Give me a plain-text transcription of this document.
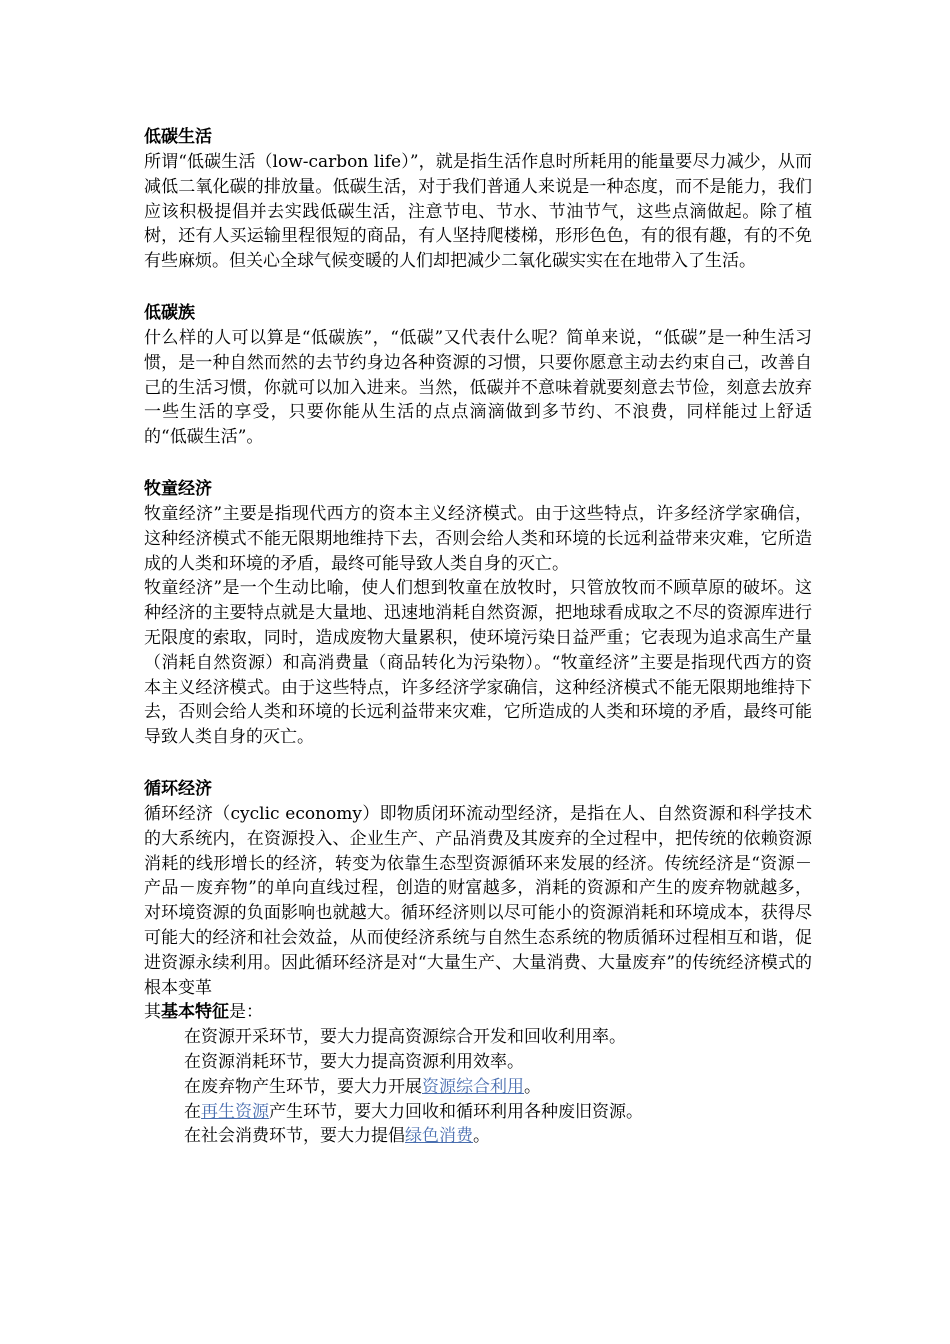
低碳生活

所谓“低碳生活（low-carbon life）”，就是指生活作息时所耗用的能量要尽力减少，从而减低二氧化碳的排放量。低碳生活，对于我们普通人来说是一种态度，而不是能力，我们应该积极提倡并去实践低碳生活，注意节电、节水、节油节气，这些点滴做起。除了植树，还有人买运输里程很短的商品，有人坚持爬楼梯，形形色色，有的很有趣，有的不免有些麻烦。但关心全球气候变暖的人们却把减少二氧化碳实实在在地带入了生活。

低碳族

什么样的人可以算是“低碳族”，“低碳”又代表什么呢？简单来说，“低碳”是一种生活习惯，是一种自然而然的去节约身边各种资源的习惯，只要你愿意主动去约束自己，改善自己的生活习惯，你就可以加入进来。当然，低碳并不意味着就要刻意去节俭，刻意去放弃一些生活的享受，只要你能从生活的点点滴滴做到多节约、不浪费，同样能过上舒适的“低碳生活”。

牧童经济

牧童经济”主要是指现代西方的资本主义经济模式。由于这些特点，许多经济学家确信，这种经济模式不能无限期地维持下去，否则会给人类和环境的长远利益带来灾难，它所造成的人类和环境的矛盾，最终可能导致人类自身的灭亡。

牧童经济”是一个生动比喻，使人们想到牧童在放牧时，只管放牧而不顾草原的破坏。这种经济的主要特点就是大量地、迅速地消耗自然资源，把地球看成取之不尽的资源库进行无限度的索取，同时，造成废物大量累积，使环境污染日益严重；它表现为追求高生产量（消耗自然资源）和高消费量（商品转化为污染物）。“牧童经济”主要是指现代西方的资本主义经济模式。由于这些特点，许多经济学家确信，这种经济模式不能无限期地维持下去，否则会给人类和环境的长远利益带来灾难，它所造成的人类和环境的矛盾，最终可能导致人类自身的灭亡。

循环经济

循环经济（cyclic economy）即物质闭环流动型经济，是指在人、自然资源和科学技术的大系统内，在资源投入、企业生产、产品消费及其废弃的全过程中，把传统的依赖资源消耗的线形增长的经济，转变为依靠生态型资源循环来发展的经济。传统经济是“资源－产品－废弃物”的单向直线过程，创造的财富越多，消耗的资源和产生的废弃物就越多，对环境资源的负面影响也就越大。循环经济则以尽可能小的资源消耗和环境成本，获得尽可能大的经济和社会效益，从而使经济系统与自然生态系统的物质循环过程相互和谐，促进资源永续利用。因此循环经济是对“大量生产、大量消费、大量废弃”的传统经济模式的根本变革

其基本特征是：

在资源开采环节，要大力提高资源综合开发和回收利用率。

在资源消耗环节，要大力提高资源利用效率。

在废弃物产生环节，要大力开展资源综合利用。

在再生资源产生环节，要大力回收和循环利用各种废旧资源。

在社会消费环节，要大力提倡绿色消费。
